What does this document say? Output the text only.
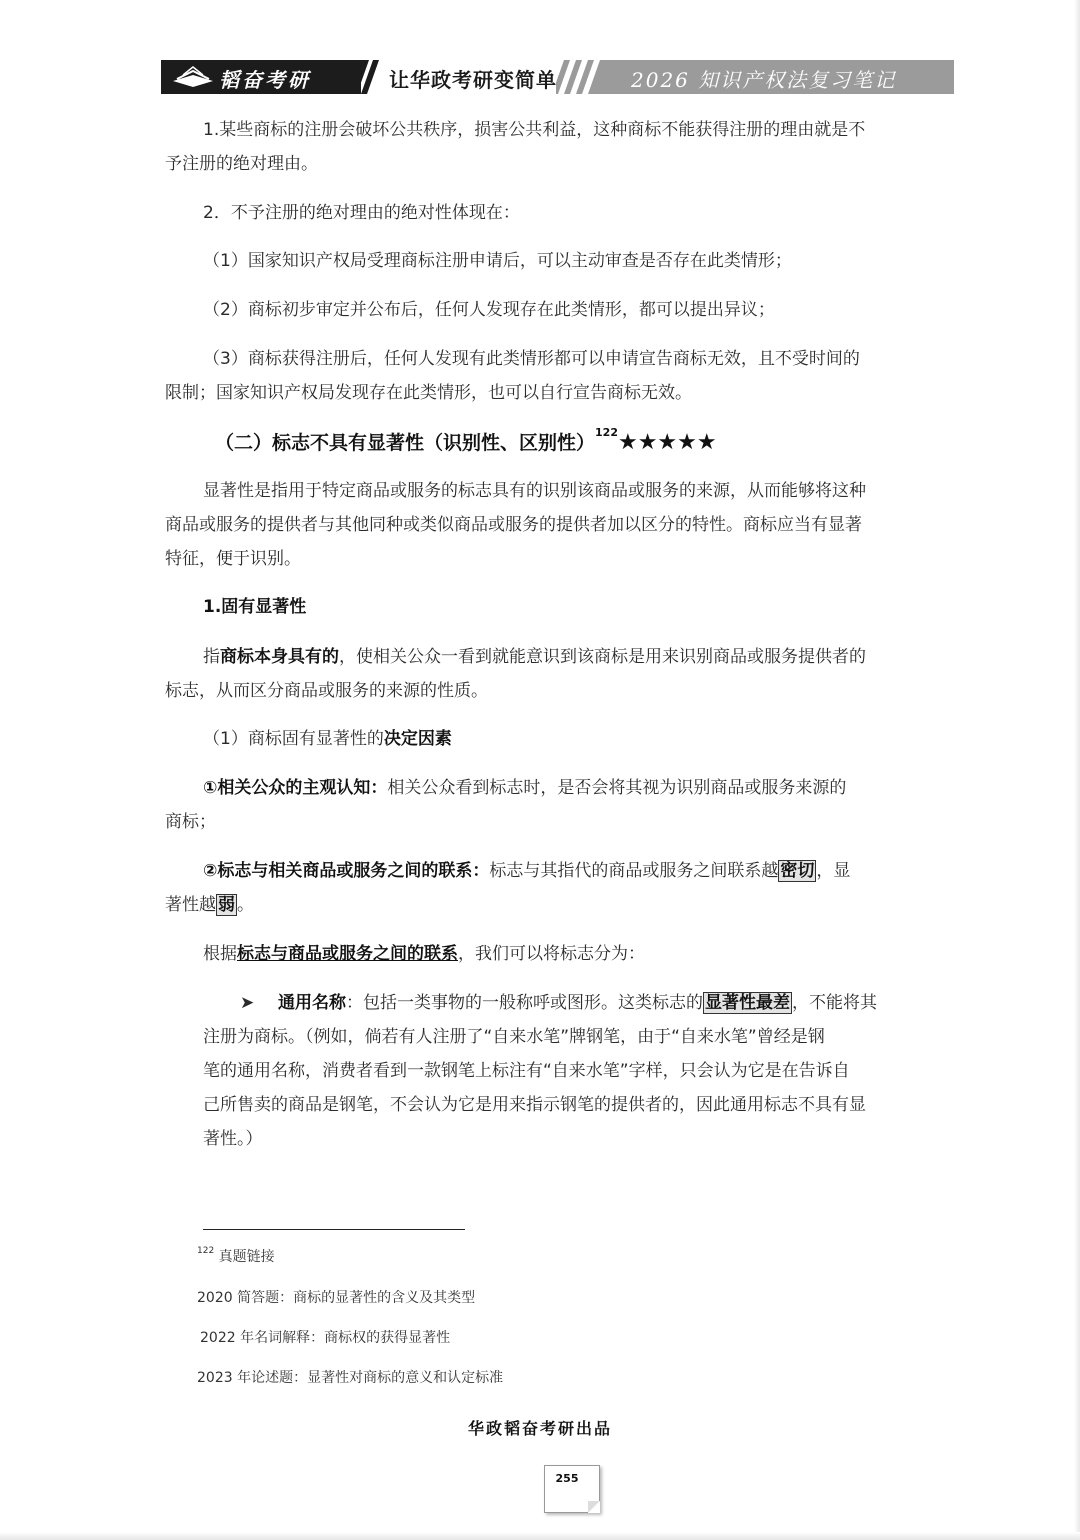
韬奋考研	让华政考研变简单	2026 知识产权法复习笔记
1.某些商标的注册会破坏公共秩序，损害公共利益，这种商标不能获得注册的理由就是不
予注册的绝对理由。
2．不予注册的绝对理由的绝对性体现在：
（1）国家知识产权局受理商标注册申请后，可以主动审查是否存在此类情形；
（2）商标初步审定并公布后，任何人发现存在此类情形，都可以提出异议；
（3）商标获得注册后，任何人发现有此类情形都可以申请宣告商标无效，且不受时间的
限制；国家知识产权局发现存在此类情形，也可以自行宣告商标无效。
（二）标志不具有显著性（识别性、区别性）$^{122}$★★★★★
显著性是指用于特定商品或服务的标志具有的识别该商品或服务的来源，从而能够将这种
商品或服务的提供者与其他同种或类似商品或服务的提供者加以区分的特性。商标应当有显著
特征，便于识别。
1.固有显著性
指商标本身具有的，使相关公众一看到就能意识到该商标是用来识别商品或服务提供者的
标志，从而区分商品或服务的来源的性质。
（1）商标固有显著性的决定因素
①相关公众的主观认知：相关公众看到标志时，是否会将其视为识别商品或服务来源的
商标；
②标志与相关商品或服务之间的联系：标志与其指代的商品或服务之间联系越 密切 ，显
著性越 弱 。
根据标志与商品或服务之间的联系，我们可以将标志分为：
➤ 通用名称：包括一类事物的一般称呼或图形。这类标志的 显著性最差 ，不能将其
注册为商标。（例如，倘若有人注册了“自来水笔”牌钢笔，由于“自来水笔”曾经是钢
笔的通用名称，消费者看到一款钢笔上标注有“自来水笔”字样，只会认为它是在告诉自
己所售卖的商品是钢笔，不会认为它是用来指示钢笔的提供者的，因此通用标志不具有显
著性。）
$^{122}$ 真题链接
2020 简答题：商标的显著性的含义及其类型
2022 年名词解释：商标权的获得显著性
2023 年论述题：显著性对商标的意义和认定标准
华政韬奋考研出品
255
